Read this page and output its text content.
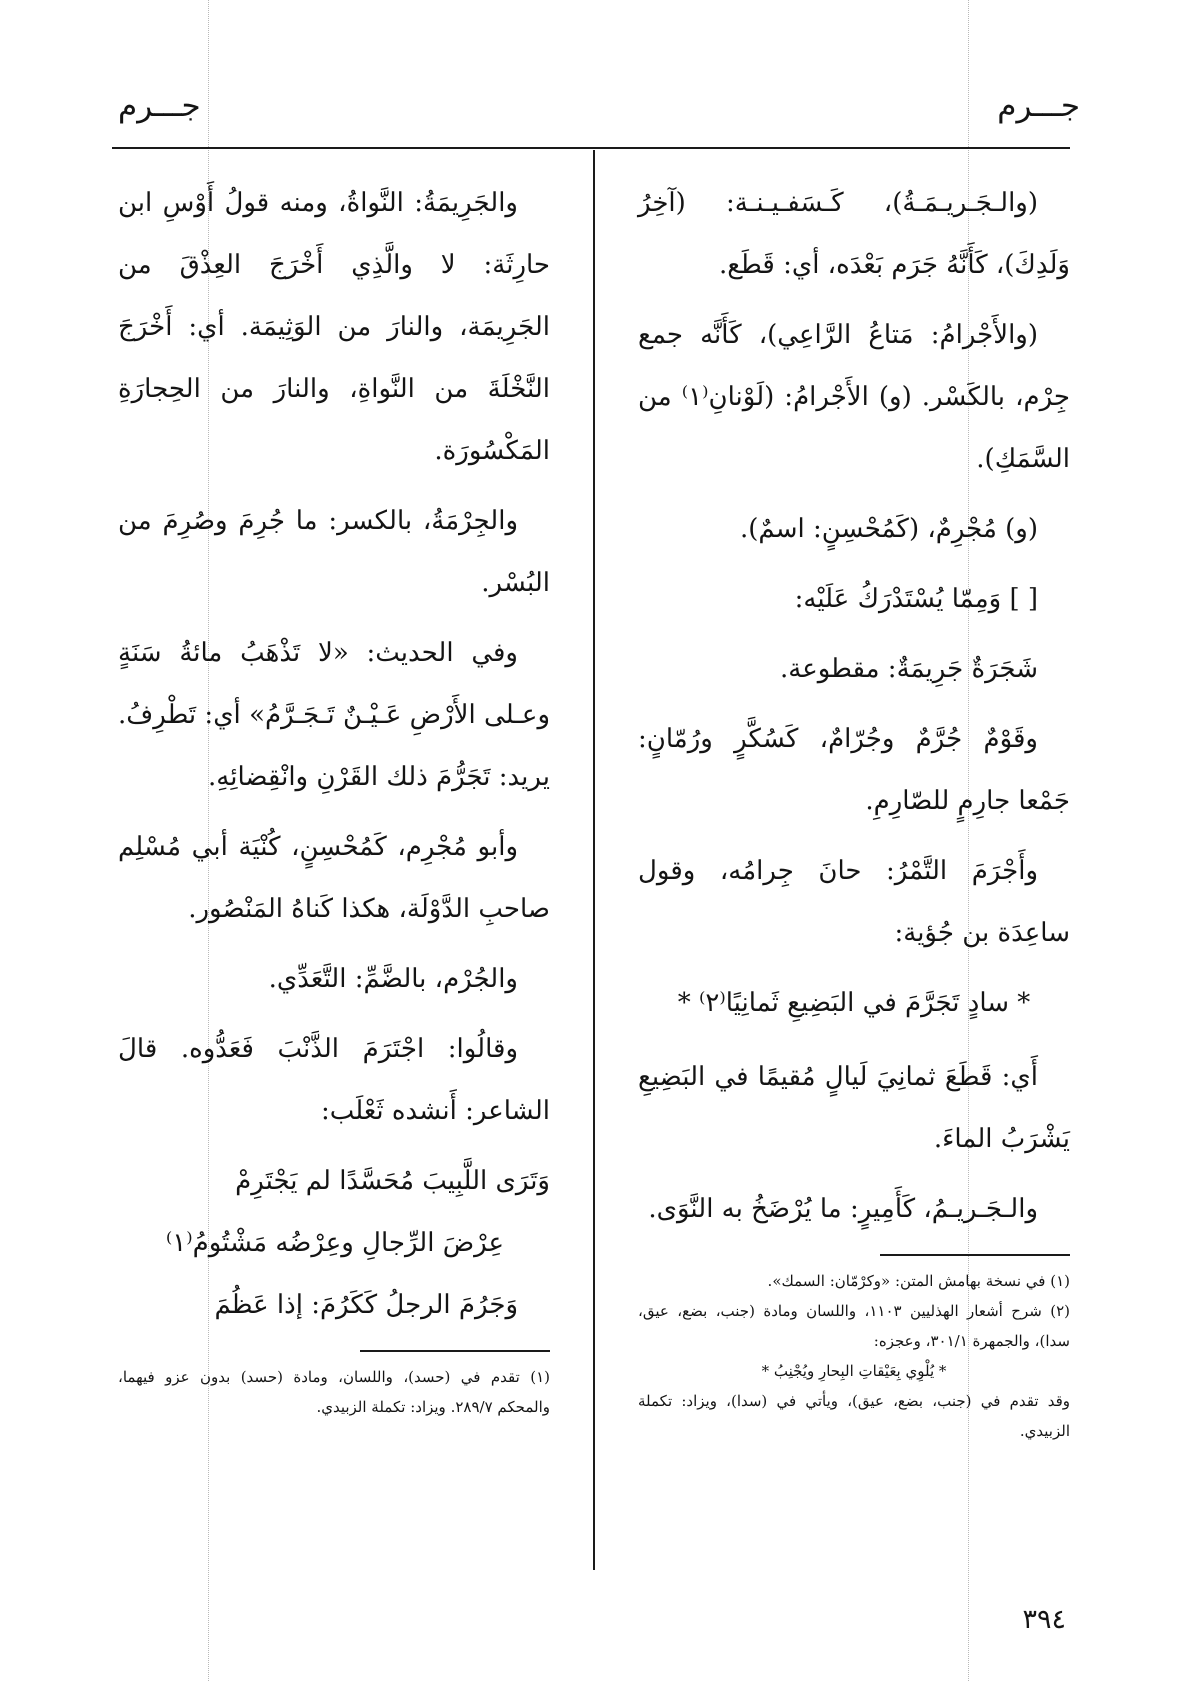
جـــرم
جـــرم

(والـجَـريـمَـةُ)، كَـسَفـيـنـة: (آخِرُ وَلَدِكَ)، كَأَنَّهُ جَرَم بَعْدَه، أي: قَطَع.

(والأَجْرامُ: مَتاعُ الرَّاعِي)، كَأَنَّه جمع جِرْم، بالكَسْر. (و) الأَجْرامُ: (لَوْنانِ⁽١⁾ من السَّمَكِ).

(و) مُجْرِمٌ، (كَمُحْسِنٍ: اسمٌ).

[ ] وَمِمّا يُسْتَدْرَكُ عَلَيْه:

شَجَرَةٌ جَرِيمَةٌ: مقطوعة.

وقَوْمٌ جُرَّمٌ وجُرّامٌ، كَسُكَّرٍ ورُمّانٍ: جَمْعا جارِمٍ للصّارِمِ.

وأَجْرَمَ التَّمْرُ: حانَ جِرامُه، وقول ساعِدَة بن جُؤية:

* سادٍ تَجَرَّمَ في البَضِيعِ ثَمانِيًا⁽٢⁾ *

أَي: قَطَعَ ثمانِيَ لَيالٍ مُقيمًا في البَضِيعِ يَشْرَبُ الماءَ.

والـجَـريـمُ، كَأَمِيرٍ: ما يُرْضَخُ به النَّوَى.

(١) في نسخة بهامش المتن: «وكرْمّان: السمك».

(٢) شرح أشعار الهذليين ١١٠٣، واللسان ومادة (جنب، بضع، عيق، سدا)، والجمهرة ٣٠١/١، وعجزه:

* يُلْوِي بِعَيْقاتِ البِحارِ ويُجْنِبُ *

وقد تقدم في (جنب، بضع، عيق)، ويأتي في (سدا)، ويزاد: تكملة الزبيدي.

والجَرِيمَةُ: النَّواةُ، ومنه قولُ أَوْسِ ابن حارِثَة: لا والَّذِي أَخْرَجَ العِذْقَ من الجَرِيمَة، والنارَ من الوَثِيمَة. أي: أَخْرَجَ النَّخْلَةَ من النَّواةِ، والنارَ من الحِجارَةِ المَكْسُورَة.

والجِرْمَةُ، بالكسر: ما جُرِمَ وصُرِمَ من البُسْر.

وفي الحديث: «لا تَذْهَبُ مائةُ سَنَةٍ وعـلى الأَرْضِ عَـيْـنٌ تَـجَـرَّمُ» أي: تَطْرِفُ. يريد: تَجَرُّمَ ذلك القَرْنِ وانْقِضائِهِ.

وأبو مُجْرِم، كَمُحْسِنٍ، كُنْيَة أبي مُسْلِم صاحبِ الدَّوْلَة، هكذا كَناهُ المَنْصُور.

والجُرْم، بالضَّمِّ: التَّعَدِّي.

وقالُوا: اجْتَرَمَ الذَّنْبَ فَعَدُّوه. قالَ الشاعر: أَنشده ثَعْلَب:

وَتَرَى اللَّبِيبَ مُحَسَّدًا لم يَجْتَرِمْ

عِرْضَ الرِّجالِ وعِرْضُه مَشْتُومُ⁽١⁾

وَجَرُمَ الرجلُ كَكَرُمَ: إذا عَظُمَ

(١) تقدم في (حسد)، واللسان، ومادة (حسد) بدون عزو فيهما، والمحكم ٢٨٩/٧. ويزاد: تكملة الزبيدي.

٣٩٤
